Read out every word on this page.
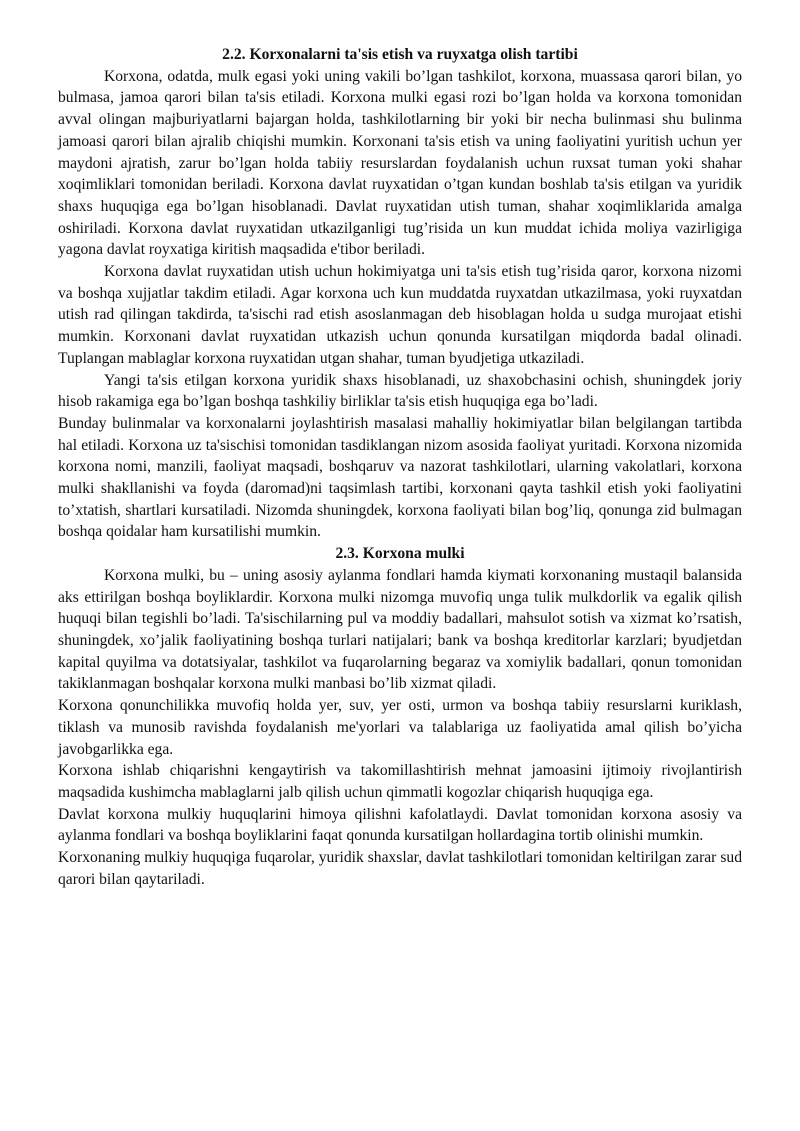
2.2. Korxonalarni ta'sis etish va ruyxatga olish tartibi

Korxona, odatda, mulk egasi yoki uning vakili bo’lgan tashkilot, korxona, muassasa qarori bilan, yo bulmasa, jamoa qarori bilan ta'sis etiladi. Korxona mulki egasi rozi bo’lgan holda va korxona tomonidan avval olingan majburiyatlarni bajargan holda, tashkilotlarning bir yoki bir necha bulinmasi shu bulinma jamoasi qarori bilan ajralib chiqishi mumkin. Korxonani ta'sis etish va uning faoliyatini yuritish uchun yer maydoni ajratish, zarur bo’lgan holda tabiiy resurslardan foydalanish uchun ruxsat tuman yoki shahar xoqimliklari tomonidan beriladi. Korxona davlat ruyxatidan o’tgan kundan boshlab ta'sis etilgan va yuridik shaxs huquqiga ega bo’lgan hisoblanadi. Davlat ruyxatidan utish tuman, shahar xoqimliklarida amalga oshiriladi. Korxona davlat ruyxatidan utkazilganligi tug’risida un kun muddat ichida moliya vazirligiga yagona davlat royxatiga kiritish maqsadida e'tibor beriladi.

Korxona davlat ruyxatidan utish uchun hokimiyatga uni ta'sis etish tug’risida qaror, korxona nizomi va boshqa xujjatlar takdim etiladi. Agar korxona uch kun muddatda ruyxatdan utkazilmasa, yoki ruyxatdan utish rad qilingan takdirda, ta'sischi rad etish asoslanmagan deb hisoblagan holda u sudga murojaat etishi mumkin. Korxonani davlat ruyxatidan utkazish uchun qonunda kursatilgan miqdorda badal olinadi. Tuplangan mablaglar korxona ruyxatidan utgan shahar, tuman byudjetiga utkaziladi.

Yangi ta'sis etilgan korxona yuridik shaxs hisoblanadi, uz shaxobchasini ochish, shuningdek joriy hisob rakamiga ega bo’lgan boshqa tashkiliy birliklar ta'sis etish huquqiga ega bo’ladi.

Bunday bulinmalar va korxonalarni joylashtirish masalasi mahalliy hokimiyatlar bilan belgilangan tartibda hal etiladi. Korxona uz ta'sischisi tomonidan tasdiklangan nizom asosida faoliyat yuritadi. Korxona nizomida korxona nomi, manzili, faoliyat maqsadi, boshqaruv va nazorat tashkilotlari, ularning vakolatlari, korxona mulki shakllanishi va foyda (daromad)ni taqsimlash tartibi, korxonani qayta tashkil etish yoki faoliyatini to’xtatish, shartlari kursatiladi. Nizomda shuningdek, korxona faoliyati bilan bog’liq, qonunga zid bulmagan boshqa qoidalar ham kursatilishi mumkin.

2.3. Korxona mulki

Korxona mulki, bu – uning asosiy aylanma fondlari hamda kiymati korxonaning mustaqil balansida aks ettirilgan boshqa boyliklardir. Korxona mulki nizomga muvofiq unga tulik mulkdorlik va egalik qilish huquqi bilan tegishli bo’ladi. Ta'sischilarning pul va moddiy badallari, mahsulot sotish va xizmat ko’rsatish, shuningdek, xo’jalik faoliyatining boshqa turlari natijalari; bank va boshqa kreditorlar karzlari; byudjetdan kapital quyilma va dotatsiyalar, tashkilot va fuqarolarning begaraz va xomiylik badallari, qonun tomonidan takiklanmagan boshqalar korxona mulki manbasi bo’lib xizmat qiladi.

Korxona qonunchilikka muvofiq holda yer, suv, yer osti, urmon va boshqa tabiiy resurslarni kuriklash, tiklash va munosib ravishda foydalanish me'yorlari va talablariga uz faoliyatida amal qilish bo’yicha javobgarlikka ega.

Korxona ishlab chiqarishni kengaytirish va takomillashtirish mehnat jamoasini ijtimoiy rivojlantirish maqsadida kushimcha mablaglarni jalb qilish uchun qimmatli kogozlar chiqarish huquqiga ega.

Davlat korxona mulkiy huquqlarini himoya qilishni kafolatlaydi. Davlat tomonidan korxona asosiy va aylanma fondlari va boshqa boyliklarini faqat qonunda kursatilgan hollardagina tortib olinishi mumkin.

Korxonaning mulkiy huquqiga fuqarolar, yuridik shaxslar, davlat tashkilotlari tomonidan keltirilgan zarar sud qarori bilan qaytariladi.
